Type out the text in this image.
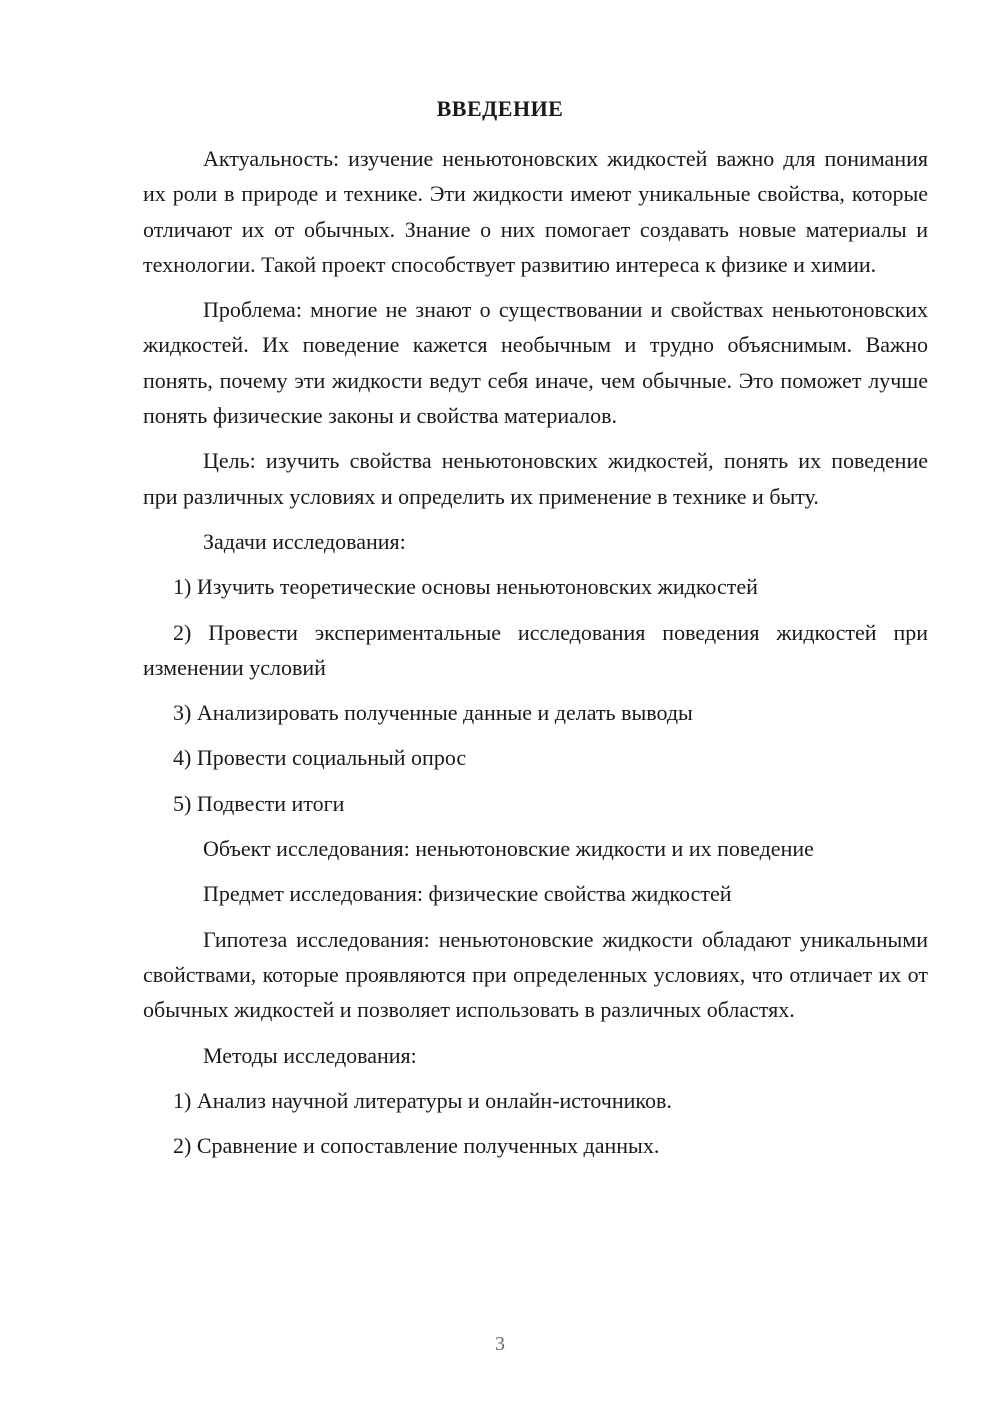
ВВЕДЕНИЕ

Актуальность: изучение неньютоновских жидкостей важно для понимания их роли в природе и технике. Эти жидкости имеют уникальные свойства, которые отличают их от обычных. Знание о них помогает создавать новые материалы и технологии. Такой проект способствует развитию интереса к физике и химии.

Проблема: многие не знают о существовании и свойствах неньютоновских жидкостей. Их поведение кажется необычным и трудно объяснимым. Важно понять, почему эти жидкости ведут себя иначе, чем обычные. Это поможет лучше понять физические законы и свойства материалов.

Цель: изучить свойства неньютоновских жидкостей, понять их поведение при различных условиях и определить их применение в технике и быту.

Задачи исследования:

1) Изучить теоретические основы неньютоновских жидкостей

2) Провести экспериментальные исследования поведения жидкостей при изменении условий

3) Анализировать полученные данные и делать выводы

4) Провести социальный опрос

5) Подвести итоги

Объект исследования: неньютоновские жидкости и их поведение

Предмет исследования: физические свойства жидкостей

Гипотеза исследования: неньютоновские жидкости обладают уникальными свойствами, которые проявляются при определенных условиях, что отличает их от обычных жидкостей и позволяет использовать в различных областях.

Методы исследования:

1) Анализ научной литературы и онлайн-источников.

2) Сравнение и сопоставление полученных данных.

3
